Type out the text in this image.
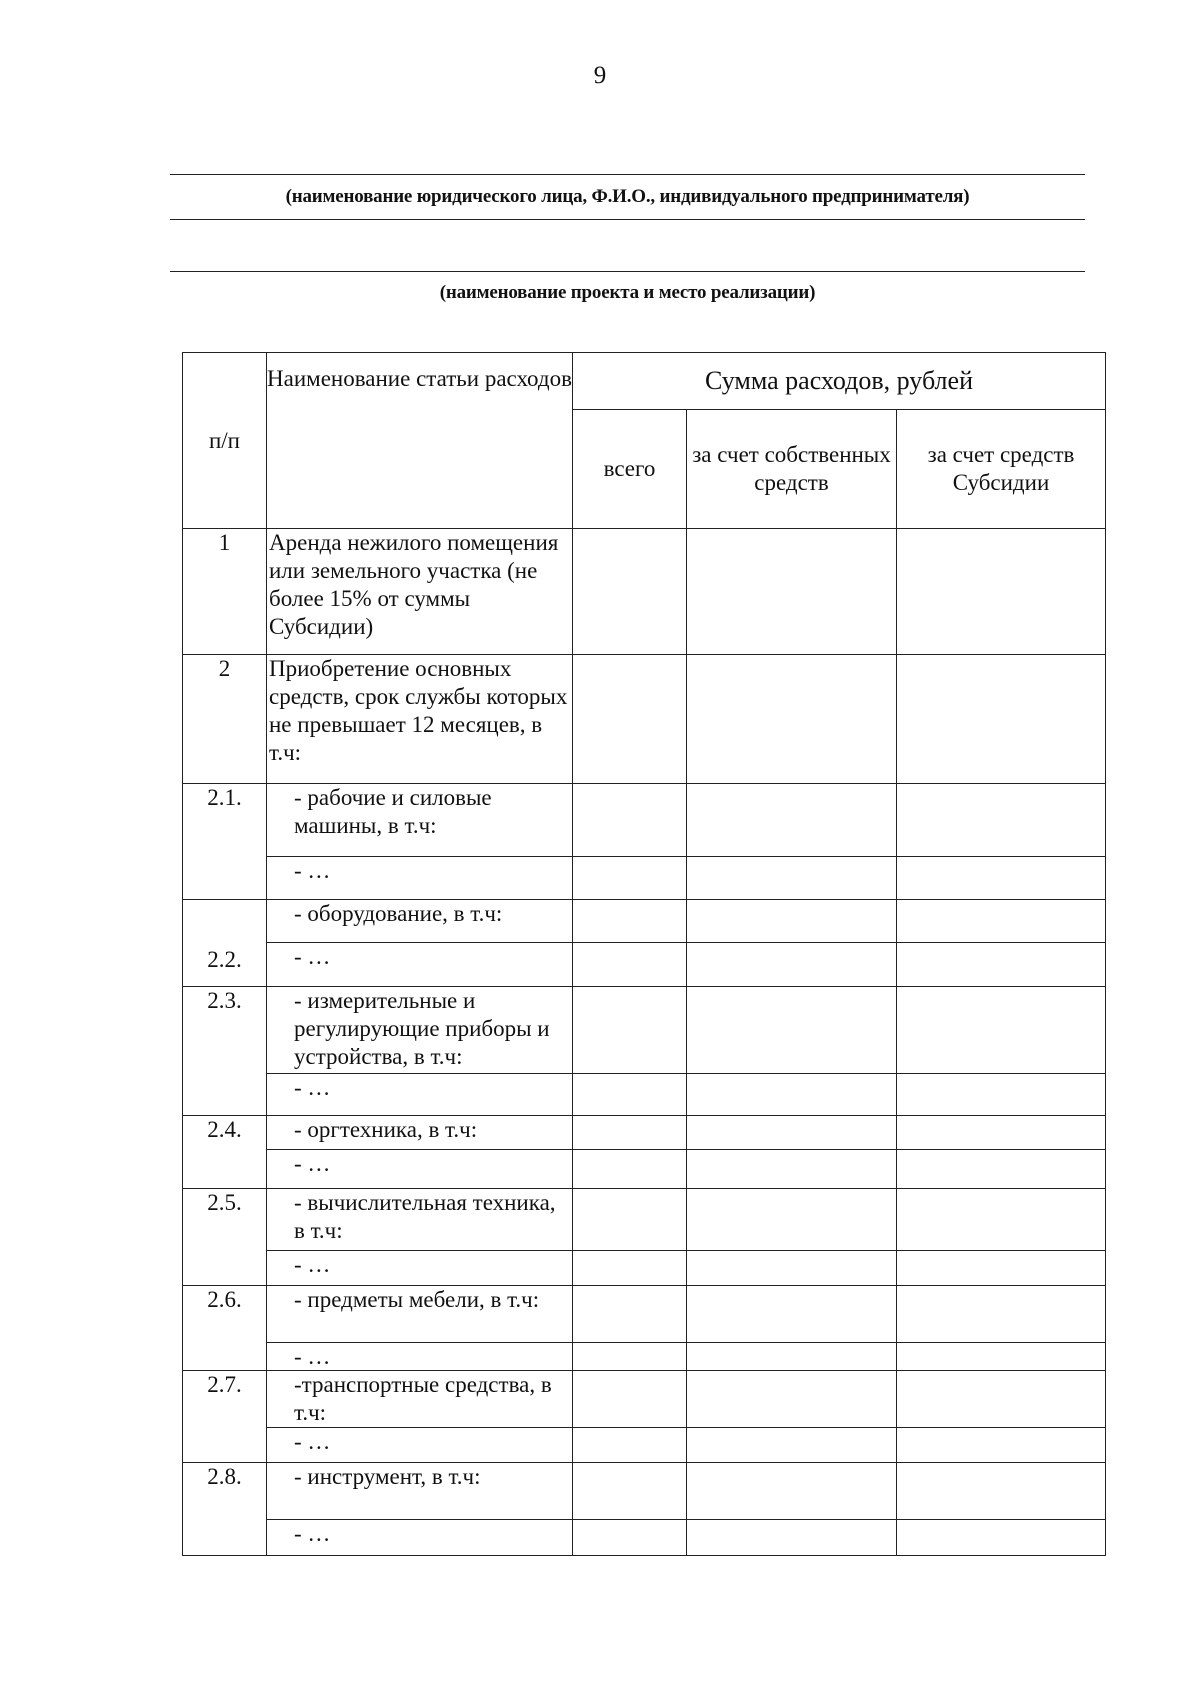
9
(наименование юридического лица, Ф.И.О., индивидуального предпринимателя)
(наименование проекта и место реализации)
п/п	Наименование статьи расходов	Сумма расходов, рублей		
		всего	за счет собственных средств	за счет средств Субсидии
1	Аренда нежилого помещения или земельного участка (не более 15% от суммы Субсидии)			
2	Приобретение основных средств, срок службы которых не превышает 12 месяцев, в т.ч:			
2.1.	- рабочие и силовые машины, в т.ч:			
	- …			
2.2.	- оборудование, в т.ч:			
	- …			
2.3.	- измерительные и регулирующие приборы и устройства, в т.ч:			
	- …			
2.4.	- оргтехника, в т.ч:			
	- …			
2.5.	- вычислительная техника, в т.ч:			
	- …			
2.6.	- предметы мебели, в т.ч:			
	- …			
2.7.	-транспортные средства, в т.ч:			
	- …			
2.8.	- инструмент, в т.ч:			
	- …			
